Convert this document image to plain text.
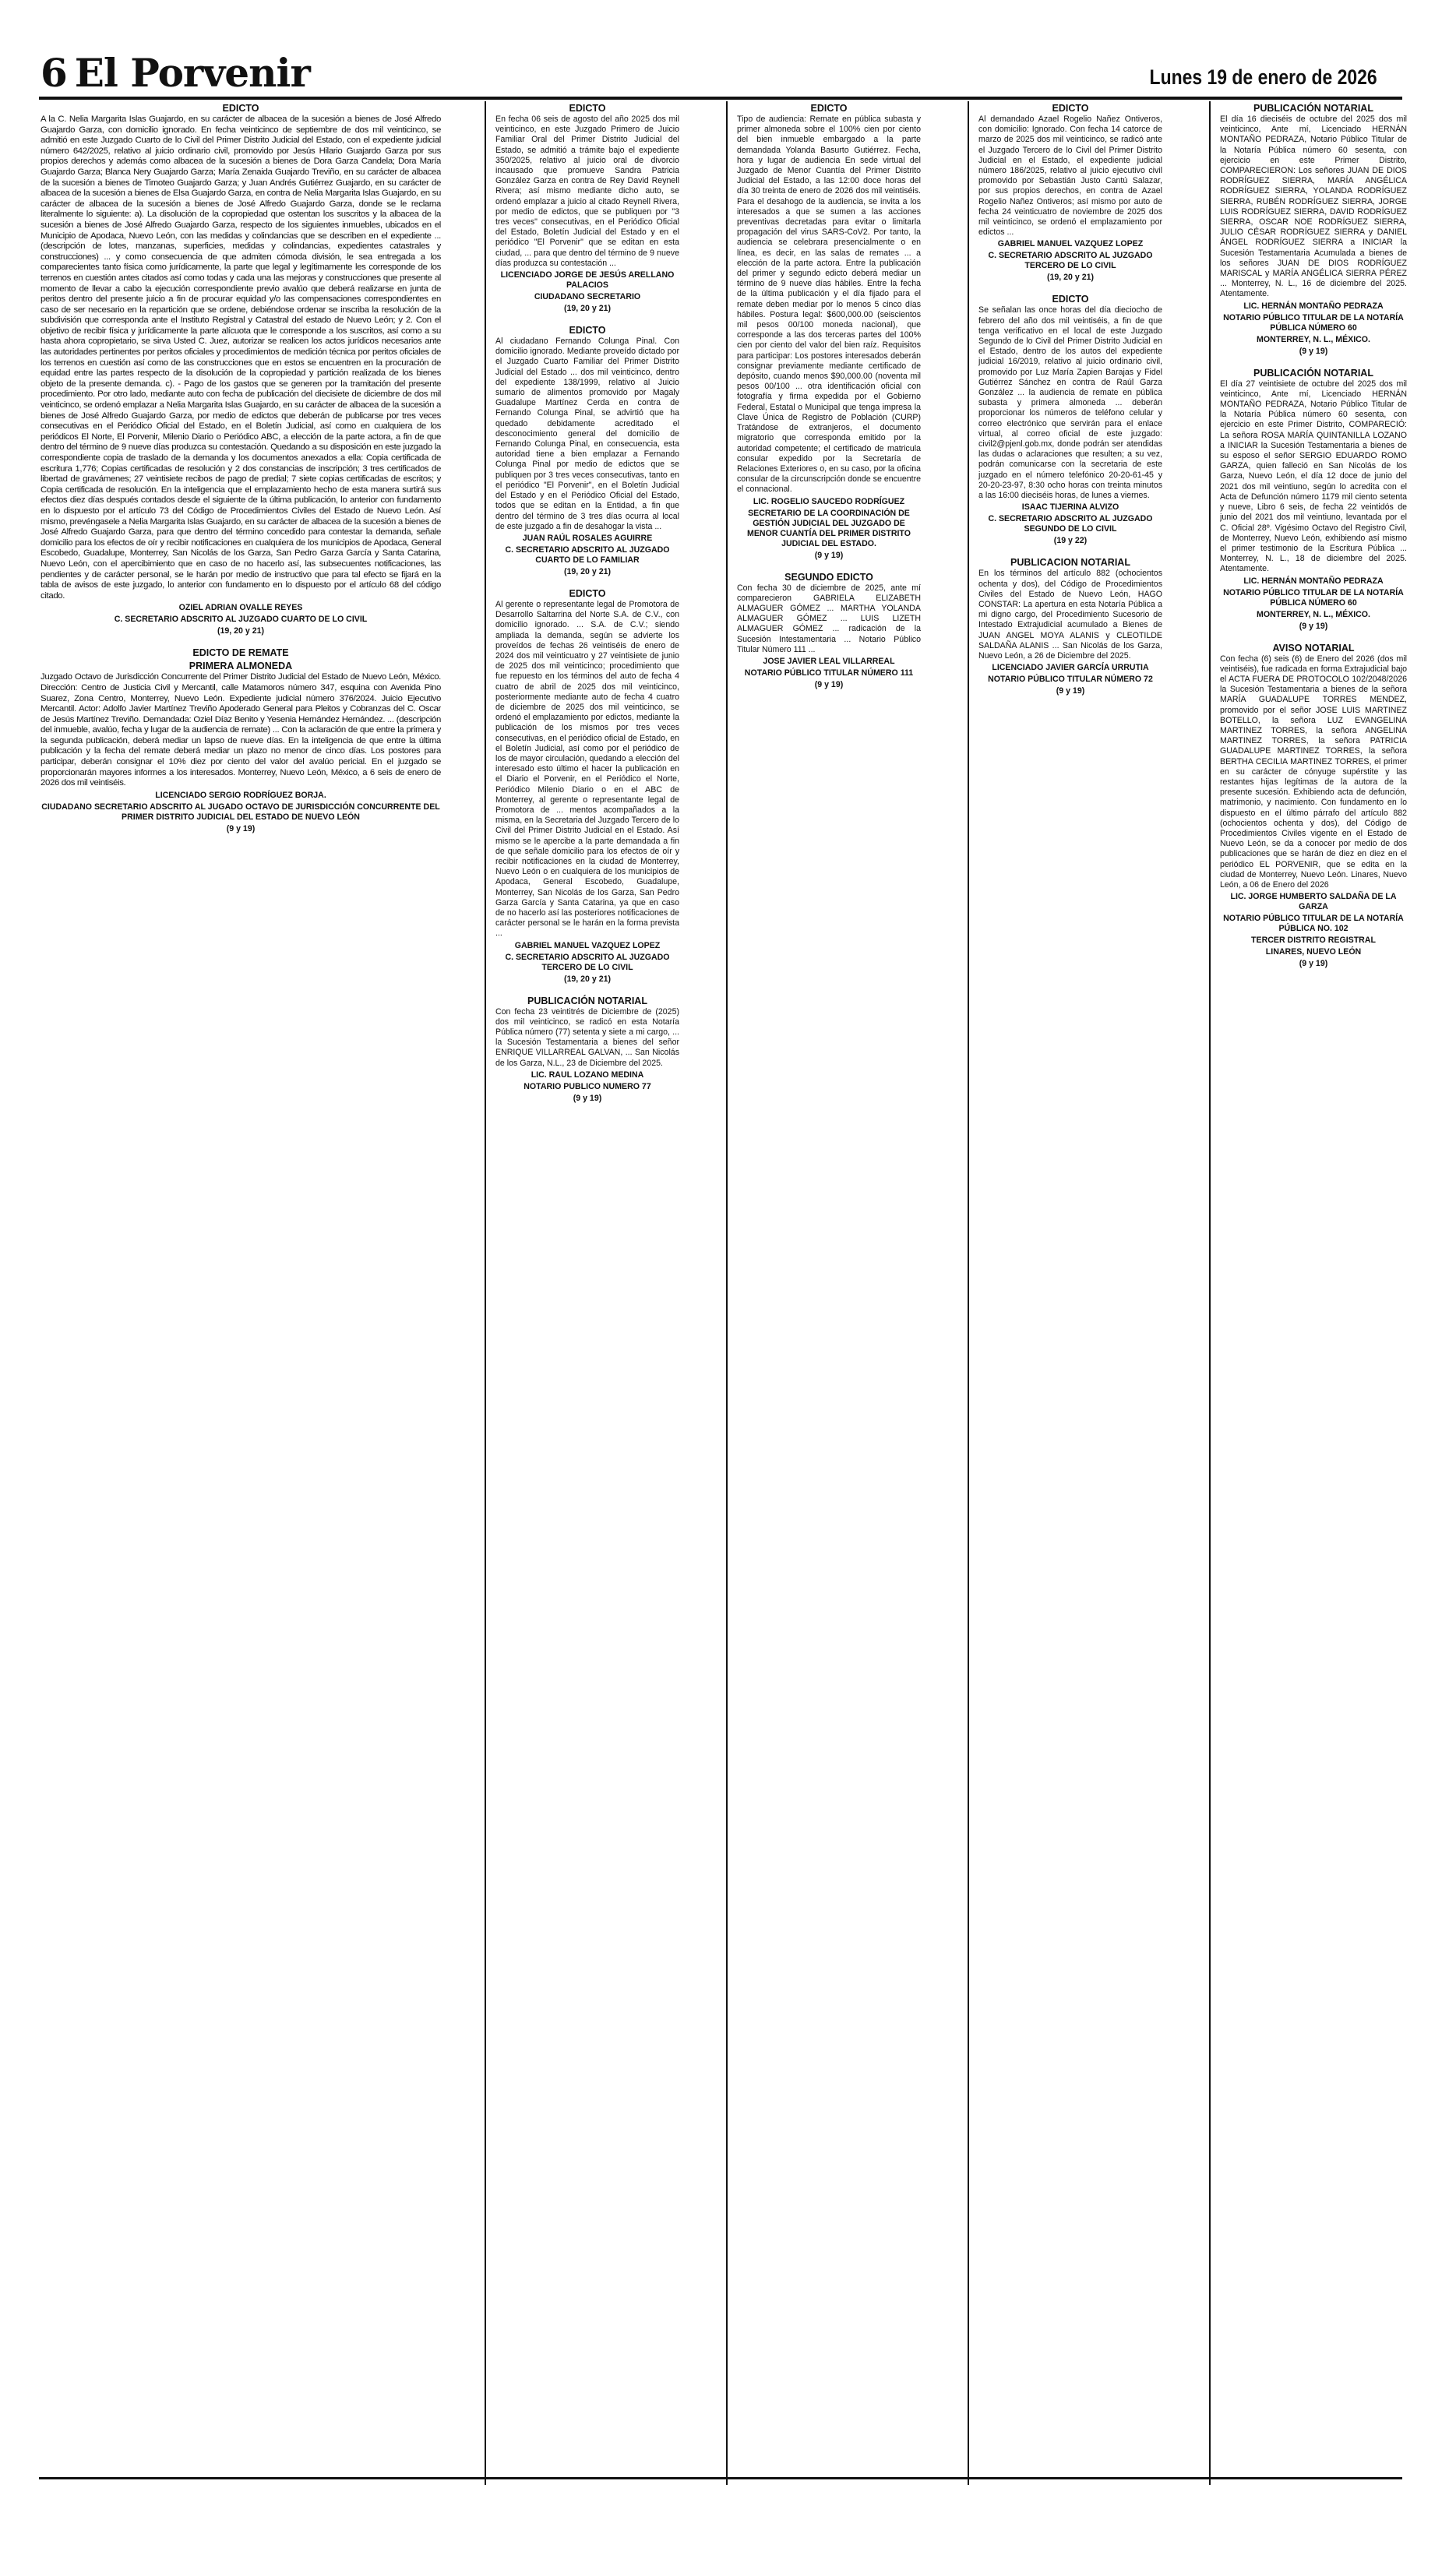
6 El Porvenir	Lunes 19 de enero de 2026
EDICTO

A la C. Nelia Margarita Islas Guajardo, en su carácter de albacea de la sucesión a bienes de José Alfredo Guajardo Garza, con domicilio ignorado. En fecha veinticinco de septiembre de dos mil veinticinco, se admitió en este Juzgado Cuarto de lo Civil del Primer Distrito Judicial del Estado, con el expediente judicial número 642/2025, relativo al juicio ordinario civil, promovido por Jesús Hilario Guajardo Garza por sus propios derechos y además como albacea de la sucesión a bienes de Dora Garza Candela; Dora María Guajardo Garza; Blanca Nery Guajardo Garza; María Zenaida Guajardo Treviño, en su carácter de albacea de la sucesión a bienes de Timoteo Guajardo Garza; y Juan Andrés Gutiérrez Guajardo, en su carácter de albacea de la sucesión a bienes de Elsa Guajardo Garza, en contra de Nelia Margarita Islas Guajardo, en su carácter de albacea de la sucesión a bienes de José Alfredo Guajardo Garza, donde se le reclama literalmente lo siguiente: a). La disolución de la copropiedad que ostentan los suscritos y la albacea de la sucesión a bienes de José Alfredo Guajardo Garza, respecto de los siguientes inmuebles, ubicados en el Municipio de Apodaca, Nuevo León, con las medidas y colindancias que se describen en el expediente ... (descripción de lotes, manzanas, superficies, medidas y colindancias, expedientes catastrales y construcciones) ... y como consecuencia de que admiten cómoda división, le sea entregada a los comparecientes tanto física como jurídicamente, la parte que legal y legítimamente les corresponde de los terrenos en cuestión antes citados así como todas y cada una las mejoras y construcciones que presente al momento de llevar a cabo la ejecución correspondiente previo avalúo que deberá realizarse en junta de peritos dentro del presente juicio a fin de procurar equidad y/o las compensaciones correspondientes en caso de ser necesario en la repartición que se ordene, debiéndose ordenar se inscriba la resolución de la subdivisión que corresponda ante el Instituto Registral y Catastral del estado de Nuevo León; y 2. Con el objetivo de recibir física y jurídicamente la parte alícuota que le corresponde a los suscritos, así como a su hasta ahora copropietario, se sirva Usted C. Juez, autorizar se realicen los actos jurídicos necesarios ante las autoridades pertinentes por peritos oficiales y procedimientos de medición técnica por peritos oficiales de los terrenos en cuestión así como de las construcciones que en estos se encuentren en la procuración de equidad entre las partes respecto de la disolución de la copropiedad y partición realizada de los bienes objeto de la presente demanda. c). - Pago de los gastos que se generen por la tramitación del presente procedimiento. Por otro lado, mediante auto con fecha de publicación del diecisiete de diciembre de dos mil veinticinco, se ordenó emplazar a Nelia Margarita Islas Guajardo, en su carácter de albacea de la sucesión a bienes de José Alfredo Guajardo Garza, por medio de edictos que deberán de publicarse por tres veces consecutivas en el Periódico Oficial del Estado, en el Boletín Judicial, así como en cualquiera de los periódicos El Norte, El Porvenir, Milenio Diario o Periódico ABC, a elección de la parte actora, a fin de que dentro del término de 9 nueve días produzca su contestación. Quedando a su disposición en este juzgado la correspondiente copia de traslado de la demanda y los documentos anexados a ella: Copia certificada de escritura 1,776; Copias certificadas de resolución y 2 dos constancias de inscripción; 3 tres certificados de libertad de gravámenes; 27 veintisiete recibos de pago de predial; 7 siete copias certificadas de escritos; y Copia certificada de resolución. En la inteligencia que el emplazamiento hecho de esta manera surtirá sus efectos diez días después contados desde el siguiente de la última publicación, lo anterior con fundamento en lo dispuesto por el artículo 73 del Código de Procedimientos Civiles del Estado de Nuevo León. Así mismo, prevéngasele a Nelia Margarita Islas Guajardo, en su carácter de albacea de la sucesión a bienes de José Alfredo Guajardo Garza, para que dentro del término concedido para contestar la demanda, señale domicilio para los efectos de oír y recibir notificaciones en cualquiera de los municipios de Apodaca, General Escobedo, Guadalupe, Monterrey, San Nicolás de los Garza, San Pedro Garza García y Santa Catarina, Nuevo León, con el apercibimiento que en caso de no hacerlo así, las subsecuentes notificaciones, las pendientes y de carácter personal, se le harán por medio de instructivo que para tal efecto se fijará en la tabla de avisos de este juzgado, lo anterior con fundamento en lo dispuesto por el artículo 68 del código citado.

OZIEL ADRIAN OVALLE REYES
C. SECRETARIO ADSCRITO AL JUZGADO CUARTO DE LO CIVIL
(19, 20 y 21)
EDICTO DE REMATE
PRIMERA ALMONEDA

Juzgado Octavo de Jurisdicción Concurrente del Primer Distrito Judicial del Estado de Nuevo León, México. Dirección: Centro de Justicia Civil y Mercantil, calle Matamoros número 347, esquina con Avenida Pino Suarez, Zona Centro, Monterrey, Nuevo León. Expediente judicial número 376/2024. Juicio Ejecutivo Mercantil. Actor: Adolfo Javier Martínez Treviño Apoderado General para Pleitos y Cobranzas del C. Oscar de Jesús Martínez Treviño. Demandada: Oziel Díaz Benito y Yesenia Hernández Hernández. ... (descripción del inmueble, avalúo, fecha y lugar de la audiencia de remate) ... Con la aclaración de que entre la primera y la segunda publicación, deberá mediar un lapso de nueve días. En la inteligencia de que entre la última publicación y la fecha del remate deberá mediar un plazo no menor de cinco días. Los postores para participar, deberán consignar el 10% diez por ciento del valor del avalúo pericial. En el juzgado se proporcionarán mayores informes a los interesados. Monterrey, Nuevo León, México, a 6 seis de enero de 2026 dos mil veintiséis.

LICENCIADO SERGIO RODRÍGUEZ BORJA.
CIUDADANO SECRETARIO ADSCRITO AL JUGADO OCTAVO DE JURISDICCIÓN CONCURRENTE DEL PRIMER DISTRITO JUDICIAL DEL ESTADO DE NUEVO LEÓN
(9 y 19)
EDICTO

En fecha 06 seis de agosto del año 2025 dos mil veinticinco, en este Juzgado Primero de Juicio Familiar Oral del Primer Distrito Judicial del Estado, se admitió a trámite bajo el expediente 350/2025, relativo al juicio oral de divorcio incausado que promueve Sandra Patricia González Garza en contra de Rey David Reynell Rivera; así mismo mediante dicho auto, se ordenó emplazar a juicio al citado Reynell Rivera, por medio de edictos, que se publiquen por "3 tres veces" consecutivas, en el Periódico Oficial del Estado, Boletín Judicial del Estado y en el periódico "El Porvenir" que se editan en esta ciudad, ... para que dentro del término de 9 nueve días produzca su contestación ...

LICENCIADO JORGE DE JESÚS ARELLANO PALACIOS
CIUDADANO SECRETARIO
(19, 20 y 21)
EDICTO

Al ciudadano Fernando Colunga Pinal. Con domicilio ignorado. Mediante proveído dictado por el Juzgado Cuarto Familiar del Primer Distrito Judicial del Estado ... dos mil veinticinco, dentro del expediente 138/1999, relativo al Juicio sumario de alimentos promovido por Magaly Guadalupe Martínez Cerda en contra de Fernando Colunga Pinal, se advirtió que ha quedado debidamente acreditado el desconocimiento general del domicilio de Fernando Colunga Pinal, en consecuencia, esta autoridad tiene a bien emplazar a Fernando Colunga Pinal por medio de edictos que se publiquen por 3 tres veces consecutivas, tanto en el periódico "El Porvenir", en el Boletín Judicial del Estado y en el Periódico Oficial del Estado, todos que se editan en la Entidad, a fin que dentro del término de 3 tres días ocurra al local de este juzgado a fin de desahogar la vista ...

JUAN RAÚL ROSALES AGUIRRE
C. SECRETARIO ADSCRITO AL JUZGADO CUARTO DE LO FAMILIAR
(19, 20 y 21)
EDICTO

Al gerente o representante legal de Promotora de Desarrollo Saltarrina del Norte S.A. de C.V., con domicilio ignorado. ... S.A. de C.V.; siendo ampliada la demanda, según se advierte los proveídos de fechas 26 veintiséis de enero de 2024 dos mil veinticuatro y 27 veintisiete de junio de 2025 dos mil veinticinco; procedimiento que fue repuesto en los términos del auto de fecha 4 cuatro de abril de 2025 dos mil veinticinco, posteriormente mediante auto de fecha 4 cuatro de diciembre de 2025 dos mil veinticinco, se ordenó el emplazamiento por edictos, mediante la publicación de los mismos por tres veces consecutivas, en el periódico oficial de Estado, en el Boletín Judicial, así como por el periódico de los de mayor circulación, quedando a elección del interesado esto último el hacer la publicación en el Diario el Porvenir, en el Periódico el Norte, Periódico Milenio Diario o en el ABC de Monterrey, al gerente o representante legal de Promotora de ... mentos acompañados a la misma, en la Secretaria del Juzgado Tercero de lo Civil del Primer Distrito Judicial en el Estado. Así mismo se le apercibe a la parte demandada a fin de que señale domicilio para los efectos de oír y recibir notificaciones en la ciudad de Monterrey, Nuevo León o en cualquiera de los municipios de Apodaca, General Escobedo, Guadalupe, Monterrey, San Nicolás de los Garza, San Pedro Garza García y Santa Catarina, ya que en caso de no hacerlo así las posteriores notificaciones de carácter personal se le harán en la forma prevista ...

GABRIEL MANUEL VAZQUEZ LOPEZ
C. SECRETARIO ADSCRITO AL JUZGADO TERCERO DE LO CIVIL
(19, 20 y 21)
PUBLICACIÓN NOTARIAL

Con fecha 23 veintitrés de Diciembre de (2025) dos mil veinticinco, se radicó en esta Notaría Pública número (77) setenta y siete a mi cargo, ... la Sucesión Testamentaria a bienes del señor ENRIQUE VILLARREAL GALVAN, ... San Nicolás de los Garza, N.L., 23 de Diciembre del 2025.

LIC. RAUL LOZANO MEDINA
NOTARIO PUBLICO NUMERO 77
(9 y 19)
EDICTO

Tipo de audiencia: Remate en pública subasta y primer almoneda sobre el 100% cien por ciento del bien inmueble embargado a la parte demandada Yolanda Basurto Gutiérrez. Fecha, hora y lugar de audiencia En sede virtual del Juzgado de Menor Cuantía del Primer Distrito Judicial del Estado, a las 12:00 doce horas del día 30 treinta de enero de 2026 dos mil veintiséis. Para el desahogo de la audiencia, se invita a los interesados a que se sumen a las acciones preventivas decretadas para evitar o limitarla propagación del virus SARS-CoV2. Por tanto, la audiencia se celebrara presencialmente o en línea, es decir, en las salas de remates ... a elección de la parte actora. Entre la publicación del primer y segundo edicto deberá mediar un término de 9 nueve días hábiles. Entre la fecha de la última publicación y el día fijado para el remate deben mediar por lo menos 5 cinco días hábiles. Postura legal: $600,000.00 (seiscientos mil pesos 00/100 moneda nacional), que corresponde a las dos terceras partes del 100% cien por ciento del valor del bien raíz. Requisitos para participar: Los postores interesados deberán consignar previamente mediante certificado de depósito, cuando menos $90,000.00 (noventa mil pesos 00/100 ... otra identificación oficial con fotografía y firma expedida por el Gobierno Federal, Estatal o Municipal que tenga impresa la Clave Única de Registro de Población (CURP) Tratándose de extranjeros, el documento migratorio que corresponda emitido por la autoridad competente; el certificado de matricula consular expedido por la Secretaría de Relaciones Exteriores o, en su caso, por la oficina consular de la circunscripción donde se encuentre el connacional.

LIC. ROGELIO SAUCEDO RODRÍGUEZ
SECRETARIO DE LA COORDINACIÓN DE GESTIÓN JUDICIAL DEL JUZGADO DE MENOR CUANTÍA DEL PRIMER DISTRITO JUDICIAL DEL ESTADO.
(9 y 19)
SEGUNDO EDICTO

Con fecha 30 de diciembre de 2025, ante mí comparecieron GABRIELA ELIZABETH ALMAGUER GÓMEZ ... MARTHA YOLANDA ALMAGUER GÓMEZ ... LUIS LIZETH ALMAGUER GÓMEZ ... radicación de la Sucesión Intestamentaria ... Notario Público Titular Número 111 ...

JOSE JAVIER LEAL VILLARREAL
NOTARIO PÚBLICO TITULAR NÚMERO 111
(9 y 19)
EDICTO

Al demandado Azael Rogelio Nañez Ontiveros, con domicilio: Ignorado. Con fecha 14 catorce de marzo de 2025 dos mil veinticinco, se radicó ante el Juzgado Tercero de lo Civil del Primer Distrito Judicial en el Estado, el expediente judicial número 186/2025, relativo al juicio ejecutivo civil promovido por Sebastián Justo Cantú Salazar, por sus propios derechos, en contra de Azael Rogelio Nañez Ontiveros; así mismo por auto de fecha 24 veinticuatro de noviembre de 2025 dos mil veinticinco, se ordenó el emplazamiento por edictos ...

GABRIEL MANUEL VAZQUEZ LOPEZ
C. SECRETARIO ADSCRITO AL JUZGADO TERCERO DE LO CIVIL
(19, 20 y 21)
EDICTO

Se señalan las once horas del día dieciocho de febrero del año dos mil veintiséis, a fin de que tenga verificativo en el local de este Juzgado Segundo de lo Civil del Primer Distrito Judicial en el Estado, dentro de los autos del expediente judicial 16/2019, relativo al juicio ordinario civil, promovido por Luz María Zapien Barajas y Fidel Gutiérrez Sánchez en contra de Raúl Garza González ... la audiencia de remate en pública subasta y primera almoneda ... deberán proporcionar los números de teléfono celular y correo electrónico que servirán para el enlace virtual, al correo oficial de este juzgado: civil2@pjenl.gob.mx, donde podrán ser atendidas las dudas o aclaraciones que resulten; a su vez, podrán comunicarse con la secretaria de este juzgado en el número telefónico 20-20-61-45 y 20-20-23-97, 8:30 ocho horas con treinta minutos a las 16:00 dieciséis horas, de lunes a viernes.

ISAAC TIJERINA ALVIZO
C. SECRETARIO ADSCRITO AL JUZGADO SEGUNDO DE LO CIVIL
(19 y 22)
PUBLICACION NOTARIAL

En los términos del artículo 882 (ochocientos ochenta y dos), del Código de Procedimientos Civiles del Estado de Nuevo León, HAGO CONSTAR: La apertura en esta Notaría Pública a mi digno cargo, del Procedimiento Sucesorio de Intestado Extrajudicial acumulado a Bienes de JUAN ANGEL MOYA ALANIS y CLEOTILDE SALDAÑA ALANIS ... San Nicolás de los Garza, Nuevo León, a 26 de Diciembre del 2025.

LICENCIADO JAVIER GARCÍA URRUTIA
NOTARIO PÚBLICO TITULAR NÚMERO 72
(9 y 19)
PUBLICACIÓN NOTARIAL

El día 16 dieciséis de octubre del 2025 dos mil veinticinco, Ante mí, Licenciado HERNÁN MONTAÑO PEDRAZA, Notario Público Titular de la Notaría Pública número 60 sesenta, con ejercicio en este Primer Distrito, COMPARECIERON: Los señores JUAN DE DIOS RODRÍGUEZ SIERRA, MARÍA ANGÉLICA RODRÍGUEZ SIERRA, YOLANDA RODRÍGUEZ SIERRA, RUBÉN RODRÍGUEZ SIERRA, JORGE LUIS RODRÍGUEZ SIERRA, DAVID RODRÍGUEZ SIERRA, OSCAR NOE RODRÍGUEZ SIERRA, JULIO CÉSAR RODRÍGUEZ SIERRA y DANIEL ÁNGEL RODRÍGUEZ SIERRA a INICIAR la Sucesión Testamentaria Acumulada a bienes de los señores JUAN DE DIOS RODRÍGUEZ MARISCAL y MARÍA ANGÉLICA SIERRA PÉREZ ... Monterrey, N. L., 16 de diciembre del 2025. Atentamente.

LIC. HERNÁN MONTAÑO PEDRAZA
NOTARIO PÚBLICO TITULAR DE LA NOTARÍA PÚBLICA NÚMERO 60
MONTERREY, N. L., MÉXICO.
(9 y 19)
PUBLICACIÓN NOTARIAL

El día 27 veintisiete de octubre del 2025 dos mil veinticinco, Ante mí, Licenciado HERNÁN MONTAÑO PEDRAZA, Notario Público Titular de la Notaría Pública número 60 sesenta, con ejercicio en este Primer Distrito, COMPARECIÓ: La señora ROSA MARÍA QUINTANILLA LOZANO a INICIAR la Sucesión Testamentaria a bienes de su esposo el señor SERGIO EDUARDO ROMO GARZA, quien falleció en San Nicolás de los Garza, Nuevo León, el día 12 doce de junio del 2021 dos mil veintiuno, según lo acredita con el Acta de Defunción número 1179 mil ciento setenta y nueve, Libro 6 seis, de fecha 22 veintidós de junio del 2021 dos mil veintiuno, levantada por el C. Oficial 28º. Vigésimo Octavo del Registro Civil, de Monterrey, Nuevo León, exhibiendo así mismo el primer testimonio de la Escritura Pública ... Monterrey, N. L., 18 de diciembre del 2025. Atentamente.

LIC. HERNÁN MONTAÑO PEDRAZA
NOTARIO PÚBLICO TITULAR DE LA NOTARÍA PÚBLICA NÚMERO 60
MONTERREY, N. L., MÉXICO.
(9 y 19)
AVISO NOTARIAL

Con fecha (6) seis (6) de Enero del 2026 (dos mil veintiséis), fue radicada en forma Extrajudicial bajo el ACTA FUERA DE PROTOCOLO 102/2048/2026 la Sucesión Testamentaria a bienes de la señora MARÍA GUADALUPE TORRES MENDEZ, promovido por el señor JOSE LUIS MARTINEZ BOTELLO, la señora LUZ EVANGELINA MARTINEZ TORRES, la señora ANGELINA MARTINEZ TORRES, la señora PATRICIA GUADALUPE MARTINEZ TORRES, la señora BERTHA CECILIA MARTINEZ TORRES, el primer en su carácter de cónyuge supérstite y las restantes hijas legítimas de la autora de la presente sucesión. Exhibiendo acta de defunción, matrimonio, y nacimiento. Con fundamento en lo dispuesto en el último párrafo del artículo 882 (ochocientos ochenta y dos), del Código de Procedimientos Civiles vigente en el Estado de Nuevo León, se da a conocer por medio de dos publicaciones que se harán de diez en diez en el periódico EL PORVENIR, que se edita en la ciudad de Monterrey, Nuevo León. Linares, Nuevo León, a 06 de Enero del 2026

LIC. JORGE HUMBERTO SALDAÑA DE LA GARZA
NOTARIO PÚBLICO TITULAR DE LA NOTARÍA PÚBLICA NO. 102
TERCER DISTRITO REGISTRAL
LINARES, NUEVO LEÓN
(9 y 19)
